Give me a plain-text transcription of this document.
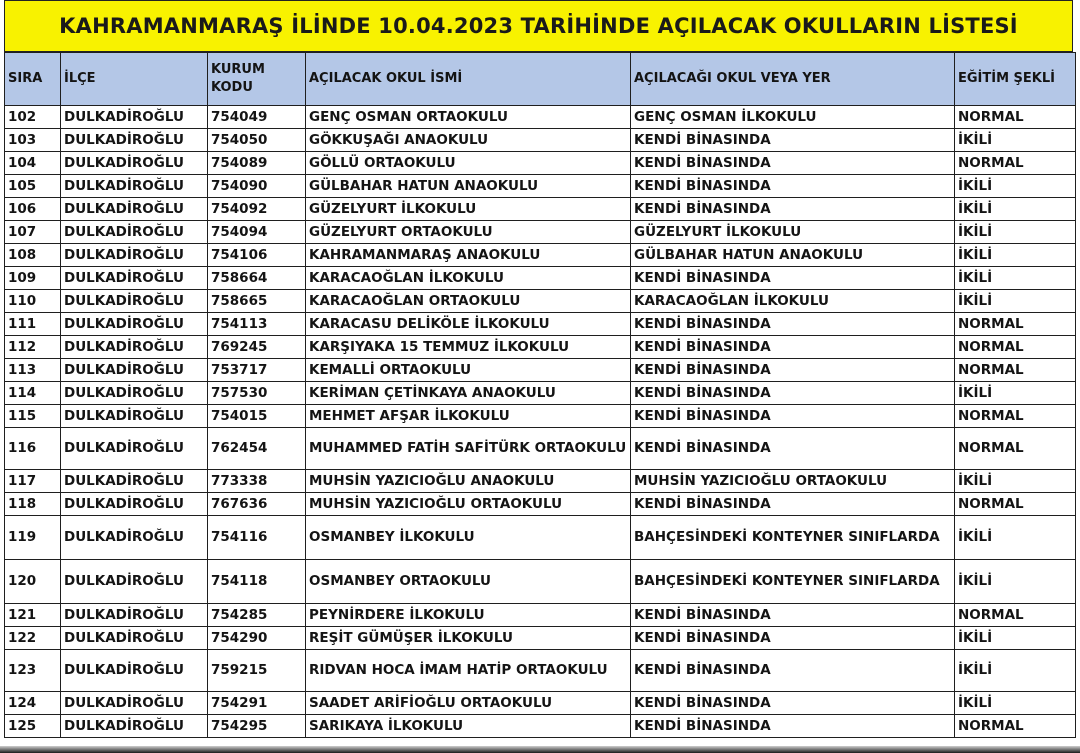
KAHRAMANMARAŞ İLİNDE 10.04.2023 TARİHİNDE AÇILACAK OKULLARIN LİSTESİ
SIRA	İLÇE	KURUM KODU	AÇILACAK OKUL İSMİ	AÇILACAĞI OKUL VEYA YER	EĞİTİM ŞEKLİ
102	DULKADİROĞLU	754049	GENÇ OSMAN ORTAOKULU	GENÇ OSMAN İLKOKULU	NORMAL
103	DULKADİROĞLU	754050	GÖKKUŞAĞI ANAOKULU	KENDİ BİNASINDA	İKİLİ
104	DULKADİROĞLU	754089	GÖLLÜ ORTAOKULU	KENDİ BİNASINDA	NORMAL
105	DULKADİROĞLU	754090	GÜLBAHAR HATUN ANAOKULU	KENDİ BİNASINDA	İKİLİ
106	DULKADİROĞLU	754092	GÜZELYURT İLKOKULU	KENDİ BİNASINDA	İKİLİ
107	DULKADİROĞLU	754094	GÜZELYURT ORTAOKULU	GÜZELYURT İLKOKULU	İKİLİ
108	DULKADİROĞLU	754106	KAHRAMANMARAŞ ANAOKULU	GÜLBAHAR HATUN ANAOKULU	İKİLİ
109	DULKADİROĞLU	758664	KARACAOĞLAN İLKOKULU	KENDİ BİNASINDA	İKİLİ
110	DULKADİROĞLU	758665	KARACAOĞLAN ORTAOKULU	KARACAOĞLAN İLKOKULU	İKİLİ
111	DULKADİROĞLU	754113	KARACASU DELİKÖLE İLKOKULU	KENDİ BİNASINDA	NORMAL
112	DULKADİROĞLU	769245	KARŞIYAKA 15 TEMMUZ İLKOKULU	KENDİ BİNASINDA	NORMAL
113	DULKADİROĞLU	753717	KEMALLİ ORTAOKULU	KENDİ BİNASINDA	NORMAL
114	DULKADİROĞLU	757530	KERİMAN ÇETİNKAYA ANAOKULU	KENDİ BİNASINDA	İKİLİ
115	DULKADİROĞLU	754015	MEHMET AFŞAR İLKOKULU	KENDİ BİNASINDA	NORMAL
116	DULKADİROĞLU	762454	MUHAMMED FATİH SAFİTÜRK ORTAOKULU	KENDİ BİNASINDA	NORMAL
117	DULKADİROĞLU	773338	MUHSİN YAZICIOĞLU ANAOKULU	MUHSİN YAZICIOĞLU ORTAOKULU	İKİLİ
118	DULKADİROĞLU	767636	MUHSİN YAZICIOĞLU ORTAOKULU	KENDİ BİNASINDA	NORMAL
119	DULKADİROĞLU	754116	OSMANBEY İLKOKULU	BAHÇESİNDEKİ KONTEYNER SINIFLARDA	İKİLİ
120	DULKADİROĞLU	754118	OSMANBEY ORTAOKULU	BAHÇESİNDEKİ KONTEYNER SINIFLARDA	İKİLİ
121	DULKADİROĞLU	754285	PEYNİRDERE İLKOKULU	KENDİ BİNASINDA	NORMAL
122	DULKADİROĞLU	754290	REŞİT GÜMÜŞER İLKOKULU	KENDİ BİNASINDA	İKİLİ
123	DULKADİROĞLU	759215	RIDVAN HOCA İMAM HATİP ORTAOKULU	KENDİ BİNASINDA	İKİLİ
124	DULKADİROĞLU	754291	SAADET ARİFİOĞLU ORTAOKULU	KENDİ BİNASINDA	İKİLİ
125	DULKADİROĞLU	754295	SARIKAYA İLKOKULU	KENDİ BİNASINDA	NORMAL
